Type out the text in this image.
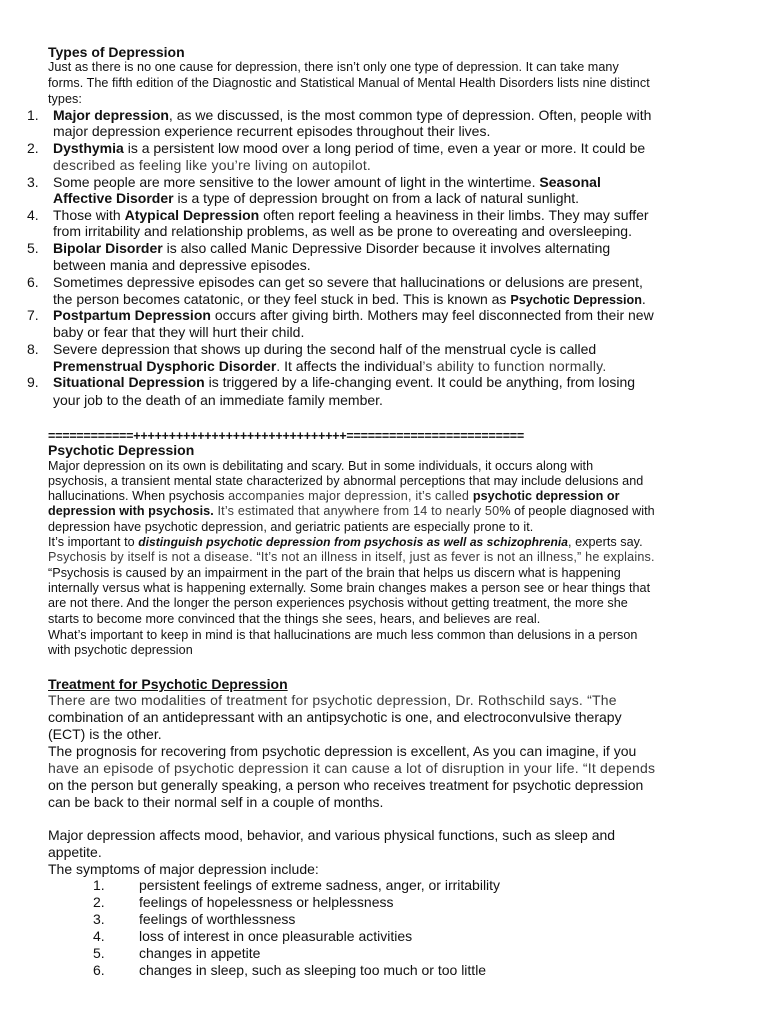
Types of Depression
Just as there is no one cause for depression, there isn’t only one type of depression. It can take many
forms. The fifth edition of the Diagnostic and Statistical Manual of Mental Health Disorders lists nine distinct
types:
1. Major depression, as we discussed, is the most common type of depression. Often, people with
major depression experience recurrent episodes throughout their lives.
2. Dysthymia is a persistent low mood over a long period of time, even a year or more. It could be
described as feeling like you’re living on autopilot.
3. Some people are more sensitive to the lower amount of light in the wintertime. Seasonal
Affective Disorder is a type of depression brought on from a lack of natural sunlight.
4. Those with Atypical Depression often report feeling a heaviness in their limbs. They may suffer
from irritability and relationship problems, as well as be prone to overeating and oversleeping.
5. Bipolar Disorder is also called Manic Depressive Disorder because it involves alternating
between mania and depressive episodes.
6. Sometimes depressive episodes can get so severe that hallucinations or delusions are present,
the person becomes catatonic, or they feel stuck in bed. This is known as Psychotic Depression.
7. Postpartum Depression occurs after giving birth. Mothers may feel disconnected from their new
baby or fear that they will hurt their child.
8. Severe depression that shows up during the second half of the menstrual cycle is called
Premenstrual Dysphoric Disorder. It affects the individual’s ability to function normally.
9. Situational Depression is triggered by a life-changing event. It could be anything, from losing
your job to the death of an immediate family member.
============++++++++++++++++++++++++++++++=========================
Psychotic Depression
Major depression on its own is debilitating and scary. But in some individuals, it occurs along with
psychosis, a transient mental state characterized by abnormal perceptions that may include delusions and
hallucinations. When psychosis accompanies major depression, it’s called psychotic depression or
depression with psychosis. It’s estimated that anywhere from 14 to nearly 50% of people diagnosed with
depression have psychotic depression, and geriatric patients are especially prone to it.
It’s important to distinguish psychotic depression from psychosis as well as schizophrenia, experts say.
Psychosis by itself is not a disease. “It’s not an illness in itself, just as fever is not an illness,” he explains.
“Psychosis is caused by an impairment in the part of the brain that helps us discern what is happening
internally versus what is happening externally. Some brain changes makes a person see or hear things that
are not there. And the longer the person experiences psychosis without getting treatment, the more she
starts to become more convinced that the things she sees, hears, and believes are real.
What’s important to keep in mind is that hallucinations are much less common than delusions in a person
with psychotic depression
Treatment for Psychotic Depression
There are two modalities of treatment for psychotic depression, Dr. Rothschild says. “The
combination of an antidepressant with an antipsychotic is one, and electroconvulsive therapy
(ECT) is the other.
The prognosis for recovering from psychotic depression is excellent, As you can imagine, if you
have an episode of psychotic depression it can cause a lot of disruption in your life. “It depends
on the person but generally speaking, a person who receives treatment for psychotic depression
can be back to their normal self in a couple of months.
Major depression affects mood, behavior, and various physical functions, such as sleep and
appetite.
The symptoms of major depression include:
1. persistent feelings of extreme sadness, anger, or irritability
2. feelings of hopelessness or helplessness
3. feelings of worthlessness
4. loss of interest in once pleasurable activities
5. changes in appetite
6. changes in sleep, such as sleeping too much or too little
